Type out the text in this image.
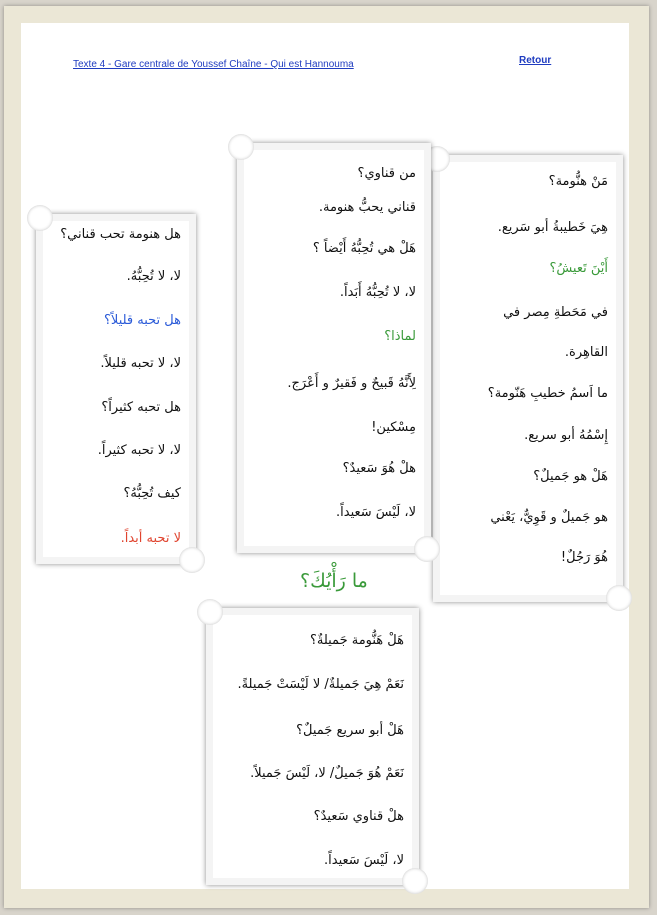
Texte 4 - Gare centrale de Youssef Chaîne - Qui est Hannouma	Retour
مَنْ هنُّومة؟
هِيَ خَطيبةُ أبو سَريع.
أَيْنَ تَعيشُ؟
في مَحَطةِ مِصر في
القاهِرة.
ما اَسمُ خطيبِ هَنّومة؟
إِسْمُهُ أبو سريع.
هَلْ هو جَميلٌ؟
هو جَميلٌ و قَوِيٌّ، يَعْني
هُوَ رَجُلٌ!
من قناوي؟
قناني يحبُّ هنومة.
هَلْ هي تُحِبُّهُ أَيْضاً ؟
لا، لا تُحِبُّهُ أَبَداً.
لماذا؟
لِأَنَّهُ قَبيحٌ و فَقيرٌ و أَعْرَج.
مِسْكين!
هلْ هُوَ سَعيدٌ؟
لا، لَيْسَ سَعيداً.
هل هنومة تحب قناني؟
لا، لا تُحِبُّهُ.
هل تحبه قليلاً؟
لا، لا تحبه قليلاً.
هل تحبه كثيراً؟
لا، لا تحبه كثيراً.
كيف تُحِبُّهُ؟
لا تحبه أبداً.
ما رَأْيُكَ؟
هَلْ هَنُّومة جَميلةٌ؟
نَعَمْ هِيَ جَميلةٌ/ لا لَيْسَتْ جَميلةً.
هَلْ أبو سريع جَميلٌ؟
نَعَمْ هُوَ جَميلٌ/ لا، لَيْسَ جَميلاً.
هلْ قناوي سَعيدٌ؟
لا، لَيْسَ سَعيداً.
